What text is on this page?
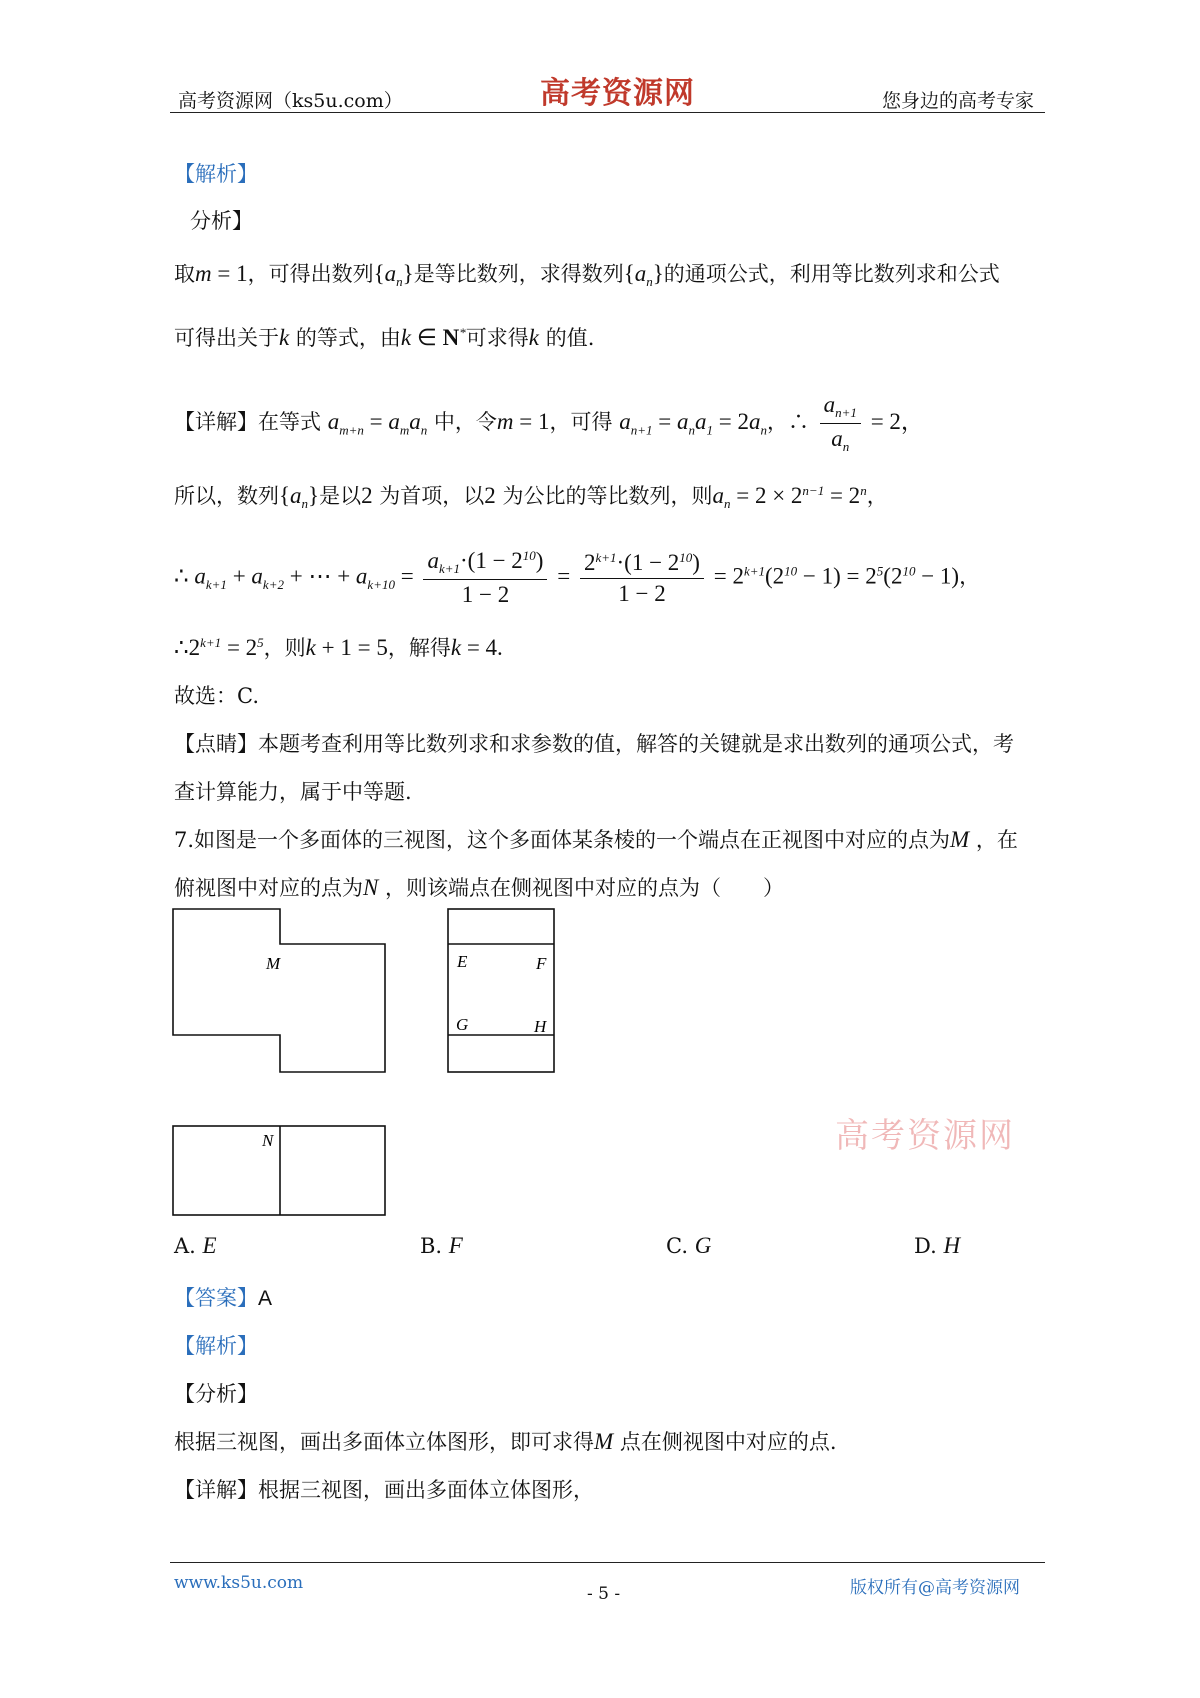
高考资源网（ks5u.com）	高考资源网	您身边的高考专家
【解析】
分析】
取m = 1，可得出数列$\{a_n\}$是等比数列，求得数列$\{a_n\}$的通项公式，利用等比数列求和公式
可得出关于k 的等式，由k ∈ N*可求得k 的值.
【详解】在等式 $a_{m+n} = a_ma_n$ 中，令m = 1，可得 $a_{n+1} = a_na_1 = 2a_n$，∴ $\frac{a_{n+1}}{a_n} = 2$，
所以，数列$\{a_n\}$是以2 为首项，以2 为公比的等比数列，则$a_n = 2 \times 2^{n-1} = 2^n$，
∴ $a_{k+1} + a_{k+2}$ + ⋯ + $a_{k+10} = \frac{a_{k+1}\cdot(1 - 2^{10})}{1 - 2} = \frac{2^{k+1}\cdot(1 - 2^{10})}{1 - 2} = 2^{k+1}(2^{10} - 1) = 2^5(2^{10} - 1)$，
$\therefore 2^{k+1} = 2^5$，则k + 1 = 5，解得k = 4.
故选：C.
【点睛】本题考查利用等比数列求和求参数的值，解答的关键就是求出数列的通项公式，考
查计算能力，属于中等题.
7.如图是一个多面体的三视图，这个多面体某条棱的一个端点在正视图中对应的点为M ，在
俯视图中对应的点为N ，则该端点在侧视图中对应的点为（　　）
M	E	F
G	H
N	高考资源网
A. E	B. F	C. G	D. H
【答案】A
【解析】
【分析】
根据三视图，画出多面体立体图形，即可求得M 点在侧视图中对应的点.
【详解】根据三视图，画出多面体立体图形，
www.ks5u.com
- 5 -	版权所有@高考资源网
